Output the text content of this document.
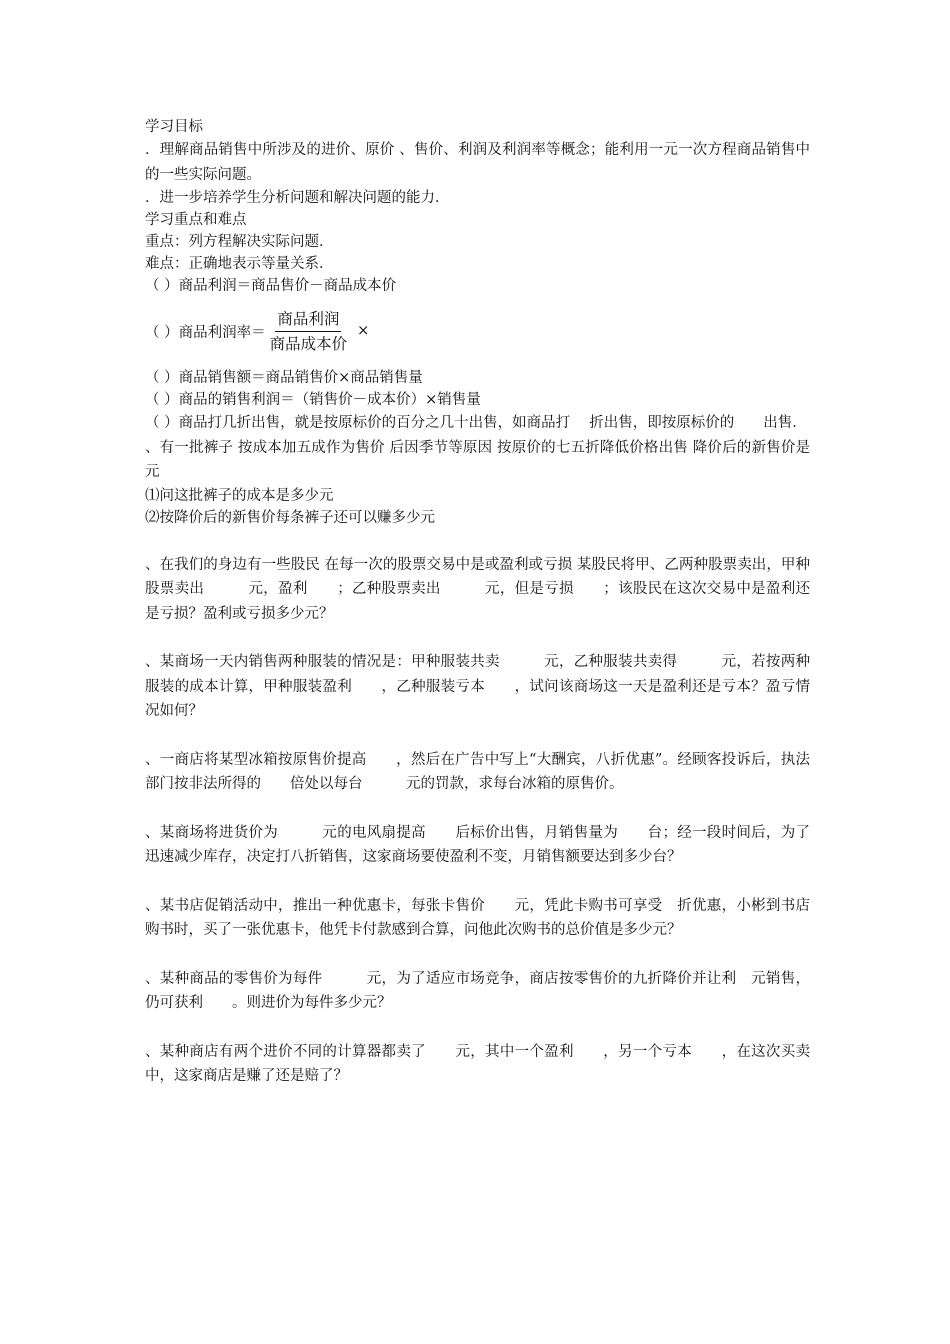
学习目标
．理解商品销售中所涉及的进价、原价 、售价、利润及利润率等概念；能利用一元一次方程商品销售中的一些实际问题。
．进一步培养学生分析问题和解决问题的能力．
学习重点和难点
重点：列方程解决实际问题．
难点：正确地表示等量关系．
（ ）商品利润＝商品售价－商品成本价
（ ）商品利润率＝ $\frac{\text{商品利润}}{\text{商品成本价}}$ ×
（ ）商品销售额＝商品销售价×商品销售量
（ ）商品的销售利润＝（销售价－成本价）×销售量
（ ）商品打几折出售，就是按原标价的百分之几十出售，如商品打　 折出售，即按原标价的　　出售．
、有一批裤子 按成本加五成作为售价 后因季节等原因 按原价的七五折降低价格出售 降价后的新售价是　　元
⑴问这批裤子的成本是多少元
⑵按降价后的新售价每条裤子还可以赚多少元
、在我们的身边有一些股民 在每一次的股票交易中是或盈利或亏损 某股民将甲、乙两种股票卖出，甲种股票卖出　　　元，盈利　　；乙种股票卖出　　　元，但是亏损　　；该股民在这次交易中是盈利还是亏损？盈利或亏损多少元？
、某商场一天内销售两种服装的情况是：甲种服装共卖　　　元，乙种服装共卖得　　　元，若按两种服装的成本计算，甲种服装盈利　　，乙种服装亏本　　，试问该商场这一天是盈利还是亏本？盈亏情况如何？
、一商店将某型冰箱按原售价提高　　，然后在广告中写上“大酬宾，八折优惠”。经顾客投诉后，执法部门按非法所得的　　倍处以每台　　　元的罚款，求每台冰箱的原售价。
、某商场将进货价为　　　元的电风扇提高　　后标价出售，月销售量为　　台；经一段时间后，为了迅速减少库存，决定打八折销售，这家商场要使盈利不变，月销售额要达到多少台？
、某书店促销活动中，推出一种优惠卡，每张卡售价　　元，凭此卡购书可享受　折优惠，小彬到书店购书时，买了一张优惠卡，他凭卡付款感到合算，问他此次购书的总价值是多少元？
、某种商品的零售价为每件　　　元，为了适应市场竞争，商店按零售价的九折降价并让利　元销售，仍可获利　　。则进价为每件多少元？
、某种商店有两个进价不同的计算器都卖了　　元，其中一个盈利　　，另一个亏本　　，在这次买卖中，这家商店是赚了还是赔了？
